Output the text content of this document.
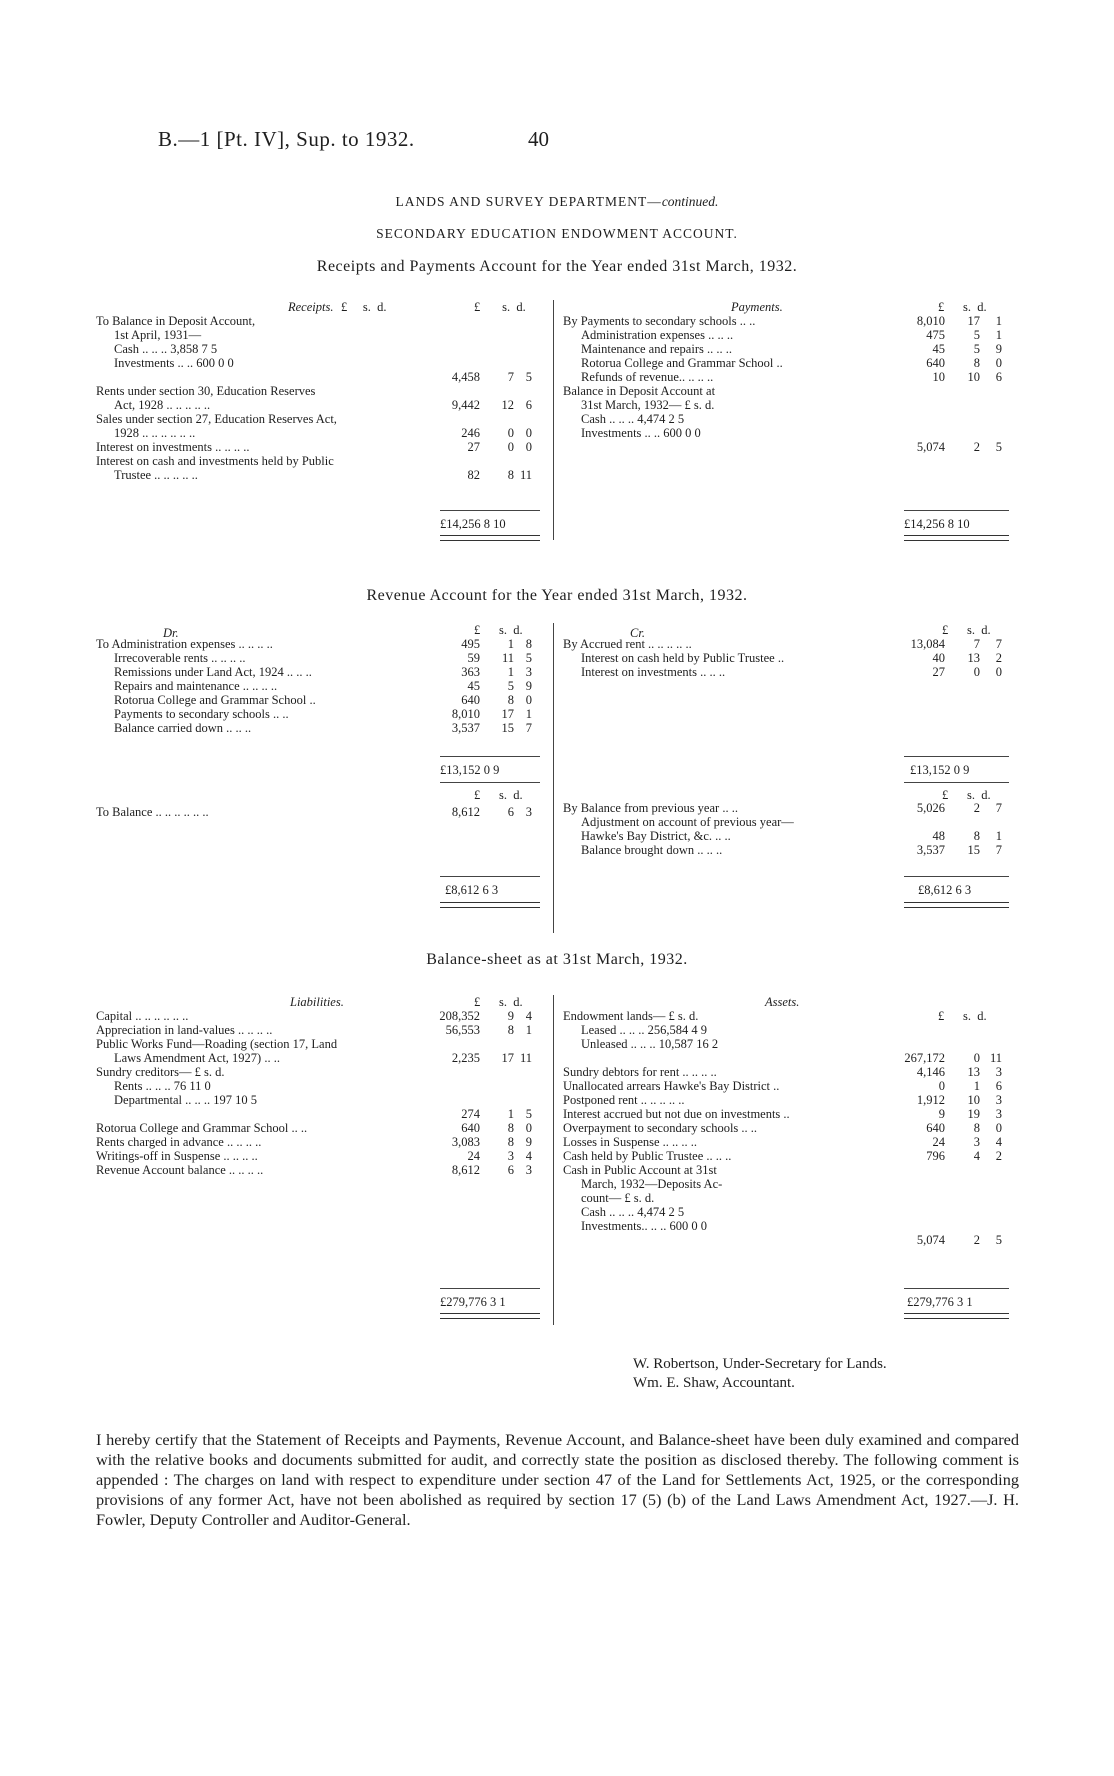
B.—1 [Pt. IV], Sup. to 1932.	40
LANDS AND SURVEY DEPARTMENT—continued.
SECONDARY EDUCATION ENDOWMENT ACCOUNT.
Receipts and Payments Account for the Year ended 31st March, 1932.
Receipts.	Payments.
£ s. d.	£ s. d.	£ s. d.
To Balance in Deposit Account,
1st April, 1931—
Cash .. .. .. 3,858 7 5
Investments .. .. 600 0 0
4,458	7 5
Rents under section 30, Education Reserves
Act, 1928 .. .. .. .. ..	9,442	12 6
Sales under section 27, Education Reserves Act,
1928 .. .. .. .. .. ..	246	0 0
Interest on investments .. .. .. ..	27	0 0
Interest on cash and investments held by Public
Trustee .. .. .. .. ..	82	8 11
By Payments to secondary schools .. ..	8,010	17	1
Administration expenses .. .. ..	475	5	1
Maintenance and repairs .. .. ..	45	5	9
Rotorua College and Grammar School ..	640	8	0
Refunds of revenue.. .. .. ..	10	10	6
Balance in Deposit Account at
31st March, 1932— £ s. d.
Cash .. .. .. 4,474 2 5
Investments .. .. 600 0 0
5,074	2	5
£14,256 8 10	£14,256 8 10
Revenue Account for the Year ended 31st March, 1932.
Dr.	Cr.
£ s. d.	£ s. d.
To Administration expenses .. .. .. ..	495	1 8
Irrecoverable rents .. .. .. ..	59	11 5
Remissions under Land Act, 1924 .. .. ..	363	1 3
Repairs and maintenance .. .. .. ..	45	5 9
Rotorua College and Grammar School ..	640	8 0
Payments to secondary schools .. ..	8,010	17 1
Balance carried down .. .. ..	3,537	15 7
By Accrued rent .. .. .. .. ..	13,084	7	7
Interest on cash held by Public Trustee ..	40	13	2
Interest on investments .. .. ..	27	0	0
£13,152 0 9	£13,152 0 9
£ s. d.	£ s. d.
To Balance .. .. .. .. .. ..	8,612	6 3 By Balance from previous year .. ..	5,026	2	7
Adjustment on account of previous year—
Hawke's Bay District, &c. .. ..	48	8	1
Balance brought down .. .. ..	3,537	15	7
£8,612 6 3	£8,612 6 3
Balance-sheet as at 31st March, 1932.
Liabilities.	Assets.
£ s. d.
£ s. d.
Capital .. .. .. .. .. ..	208,352	9 4
Appreciation in land-values .. .. .. ..	56,553	8 1
Public Works Fund—Roading (section 17, Land
Laws Amendment Act, 1927) .. ..	2,235	17 11
Sundry creditors— £ s. d.
Rents .. .. .. 76 11 0
Departmental .. .. .. 197 10 5
274	1 5
Rotorua College and Grammar School .. ..	640	8 0
Rents charged in advance .. .. .. ..	3,083	8 9
Writings-off in Suspense .. .. .. ..	24	3 4
Revenue Account balance .. .. .. ..	8,612	6 3
Endowment lands— £ s. d.
Leased .. .. .. 256,584 4 9
Unleased .. .. .. 10,587 16 2
267,172	0 11
Sundry debtors for rent .. .. .. ..	4,146	13	3
Unallocated arrears Hawke's Bay District ..	0	1	6
Postponed rent .. .. .. .. ..	1,912	10	3
Interest accrued but not due on investments ..	9	19	3
Overpayment to secondary schools .. ..	640	8	0
Losses in Suspense .. .. .. ..	24	3	4
Cash held by Public Trustee .. .. ..	796	4	2
Cash in Public Account at 31st
March, 1932—Deposits Ac-
count— £ s. d.
Cash .. .. .. 4,474 2 5
Investments.. .. .. 600 0 0
5,074	2	5
£279,776 3 1	£279,776 3 1
W. Robertson, Under-Secretary for Lands.
Wm. E. Shaw, Accountant.
I hereby certify that the Statement of Receipts and Payments, Revenue Account, and Balance-sheet have been duly examined and compared with the relative books and documents submitted for audit, and correctly state the position as disclosed thereby. The following comment is appended : The charges on land with respect to expenditure under section 47 of the Land for Settlements Act, 1925, or the corresponding provisions of any former Act, have not been abolished as required by section 17 (5) (b) of the Land Laws Amendment Act, 1927.—J. H. Fowler, Deputy Controller and Auditor-General.
